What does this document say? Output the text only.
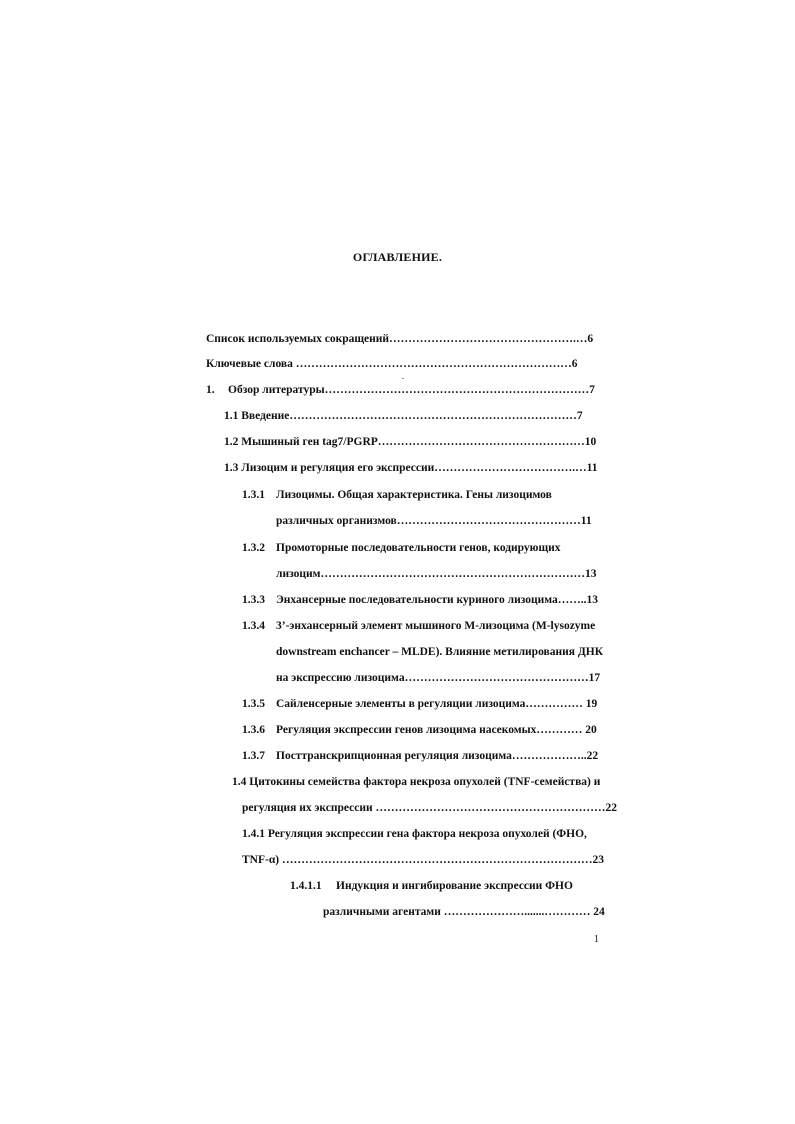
ОГЛАВЛЕНИЕ.
Список используемых сокращений………………………………………….…6
Ключевые слова ………………………………………………………………6
1. Обзор литературы……………………………………………………………7
1.1 Введение…………………………………………………………………7
1.2 Мышиный ген tag7/PGRP………………………………………………10
1.3 Лизоцим и регуляция его экспрессии……………………………….…11
1.3.1 Лизоцимы. Общая характеристика. Гены лизоцимов
различных организмов…………………………………………11
1.3.2 Промоторные последовательности генов, кодирующих
лизоцим……………………………………………………………13
1.3.3 Энхансерные последовательности куриного лизоцима……..13
1.3.4 3’-энхансерный элемент мышиного М-лизоцима (M-lysozyme
downstream enchancer – MLDE). Влияние метилирования ДНК
на экспрессию лизоцима…………………………………………17
1.3.5 Сайленсерные элементы в регуляции лизоцима…………… 19
1.3.6 Регуляция экспрессии генов лизоцима насекомых………… 20
1.3.7 Посттранскрипционная регуляция лизоцима………………..22
1.4 Цитокины семейства фактора некроза опухолей (TNF-семейства) и
регуляция их экспрессии ……………………………………………………22
1.4.1 Регуляция экспрессии гена фактора некроза опухолей (ФНО,
TNF-α) ………………………………………………………………………23
1.4.1.1 Индукция и ингибирование экспрессии ФНО
различными агентами ………………….......………… 24
1
